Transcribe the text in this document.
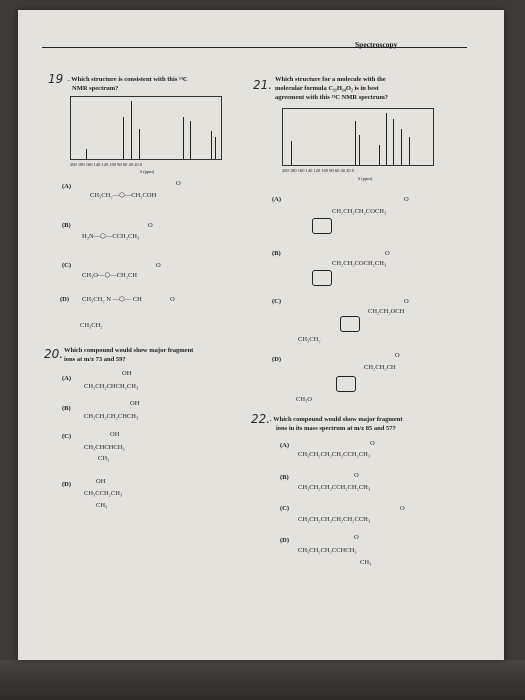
Spectroscopy
19 . Which structure is consistent with this ¹³C
NMR spectrum?
200 180 160 140 120 100 80 60 40 20 0
δ (ppm)
(A)	O
CH₃CH₂—⬡—CH₂COH
(B)	O
H₂N—⬡—CCH₂CH₃
(C)	O
CH₃O—⬡—CH₂CH
(D)	O
CH₃CH₂ N —⬡— CH
CH₃CH₂
20. Which compound would show major fragment
ions at m/z 73 and 59?
(A)
OH
CH₃CH₂CHCH₂CH₃
(B)
OH
CH₃CH₂CH₂CHCH₃
(C)	OH
CH₃CHCHCH₃
CH₃
(D)	OH
CH₃CCH₂CH₃
CH₃
21. Which structure for a molecule with the
molecular formula C₁₁H₁₄O₂ is in best
agreement with this ¹³C NMR spectrum?
200 180 160 140 120 100 80 60 40 20 0
δ (ppm)
(A)	O
CH₂CH₂CH₂COCH₃
(B)	O
CH₂CH₂COCH₂CH₃
(C)	O
CH₂CH₂OCH
CH₃CH₂
(D)
O
CH₂CH₂CH
CH₃O
22. . Which compound would show major fragment
ions in its mass spectrum at m/z 85 and 57?
(A)	O
CH₃CH₂CH₂CH₂CCH₂CH₃
(B)	O
CH₃CH₂CH₂CCH₂CH₂CH₃
(C)	O
CH₃CH₂CH₂CH₂CH₂CCH₃
(D)	O
CH₃CH₂CH₂CCHCH₃
CH₃
